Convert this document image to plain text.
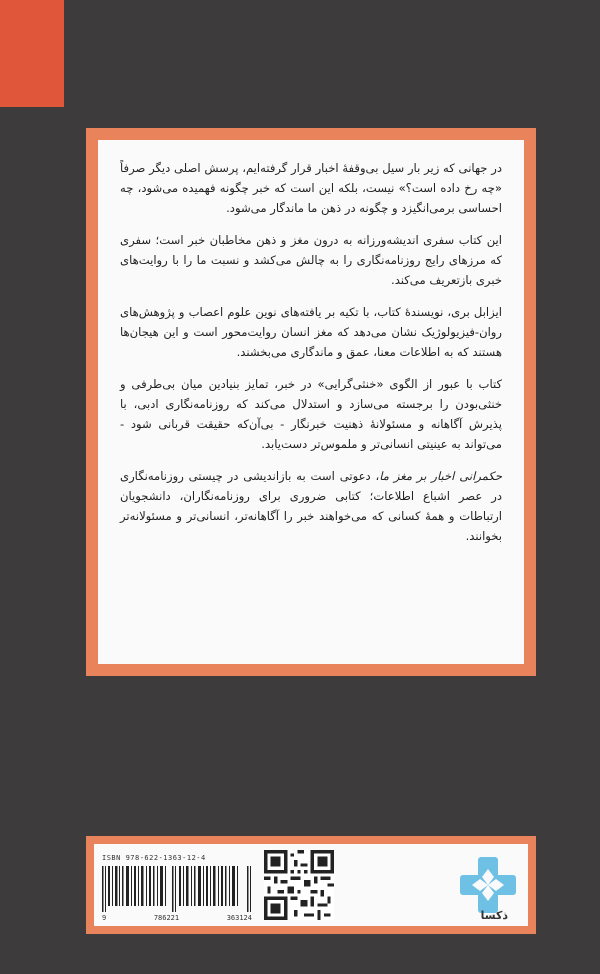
در جهانی که زیر بار سیل بی‌وقفهٔ اخبار قرار گرفته‌ایم، پرسش اصلی دیگر صرفاً «چه رخ داده است؟» نیست، بلکه این است که خبر چگونه فهمیده می‌شود، چه احساسی برمی‌انگیزد و چگونه در ذهن ما ماندگار می‌شود.

این کتاب سفری اندیشه‌ورزانه به درون مغز و ذهن مخاطبان خبر است؛ سفری که مرزهای رایج روزنامه‌نگاری را به چالش می‌کشد و نسبت ما را با روایت‌های خبری بازتعریف می‌کند.

ایزابل بری، نویسندهٔ کتاب، با تکیه بر یافته‌های نوین علوم اعصاب و پژوهش‌های روان-فیزیولوژیک نشان می‌دهد که مغز انسان روایت‌محور است و این هیجان‌ها هستند که به اطلاعات معنا، عمق و ماندگاری می‌بخشند.

کتاب با عبور از الگوی «خنثی‌گرایی» در خبر، تمایز بنیادین میان بی‌طرفی و خنثی‌بودن را برجسته می‌سازد و استدلال می‌کند که روزنامه‌نگاری ادبی، با پذیرش آگاهانه و مسئولانهٔ ذهنیت خبرنگار - بی‌آن‌که حقیقت قربانی شود - می‌تواند به عینیتی انسانی‌تر و ملموس‌تر دست‌یابد.

حکمرانی اخبار بر مغز ما، دعوتی است به بازاندیشی در چیستی روزنامه‌نگاری در عصر اشباع اطلاعات؛ کتابی ضروری برای روزنامه‌نگاران، دانشجویان ارتباطات و همهٔ کسانی که می‌خواهند خبر را آگاهانه‌تر، انسانی‌تر و مسئولانه‌تر بخوانند.

ISBN 978-622-1363-12-4
9	786221	363124	ذکسا
